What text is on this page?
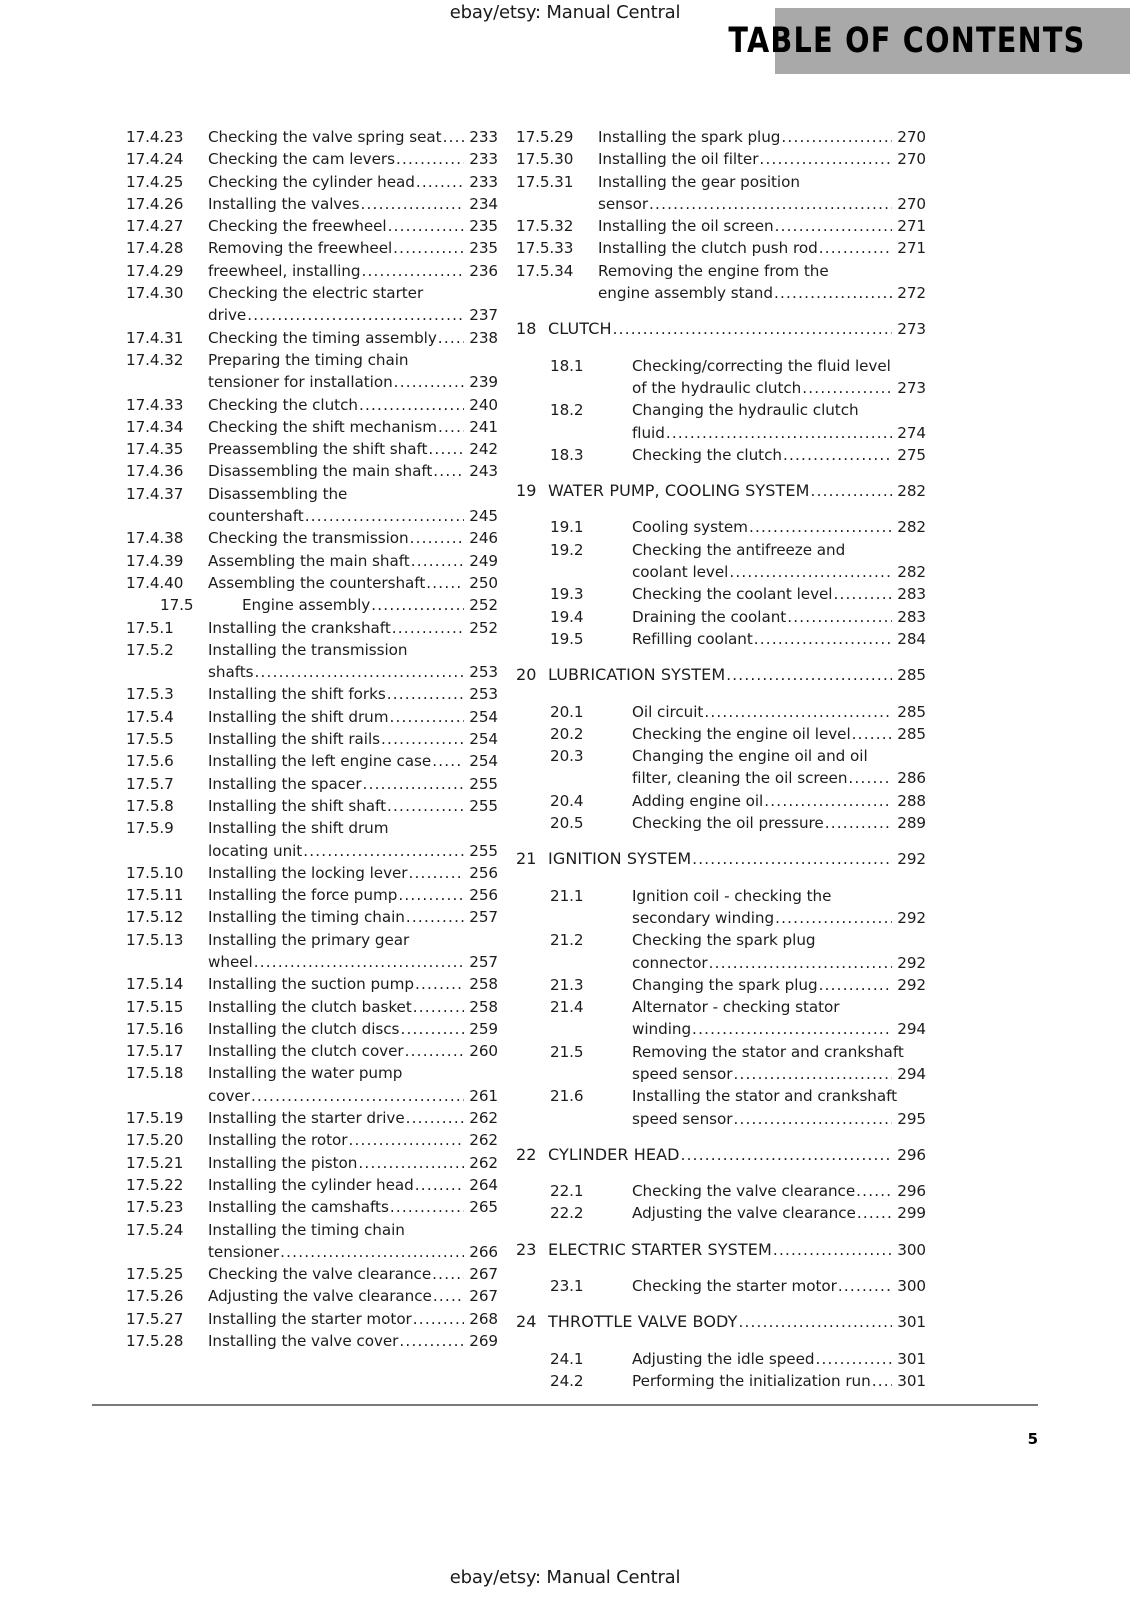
ebay/etsy: Manual Central
TABLE OF CONTENTS
17.4.23	Checking the valve spring seat .....	233
17.4.24	Checking the cam levers .....	233
17.4.25	Checking the cylinder head .....	233
17.4.26	Installing the valves .....	234
17.4.27	Checking the freewheel .....	235
17.4.28	Removing the freewheel .....	235
17.4.29	freewheel, installing .....	236
17.4.30	Checking the electric starter
drive .....	237
17.4.31	Checking the timing assembly .....	238
17.4.32	Preparing the timing chain
tensioner for installation .....	239
17.4.33	Checking the clutch .....	240
17.4.34	Checking the shift mechanism .....	241
17.4.35	Preassembling the shift shaft .....	242
17.4.36	Disassembling the main shaft .....	243
17.4.37	Disassembling the
countershaft .....	245
17.4.38	Checking the transmission .....	246
17.4.39	Assembling the main shaft .....	249
17.4.40	Assembling the countershaft .....	250
17.5	Engine assembly .....	252
17.5.1	Installing the crankshaft .....	252
17.5.2	Installing the transmission
shafts .....	253
17.5.3	Installing the shift forks .....	253
17.5.4	Installing the shift drum .....	254
17.5.5	Installing the shift rails .....	254
17.5.6	Installing the left engine case .....	254
17.5.7	Installing the spacer .....	255
17.5.8	Installing the shift shaft .....	255
17.5.9	Installing the shift drum
locating unit .....	255
17.5.10	Installing the locking lever .....	256
17.5.11	Installing the force pump .....	256
17.5.12	Installing the timing chain .....	257
17.5.13	Installing the primary gear
wheel .....	257
17.5.14	Installing the suction pump .....	258
17.5.15	Installing the clutch basket .....	258
17.5.16	Installing the clutch discs .....	259
17.5.17	Installing the clutch cover .....	260
17.5.18	Installing the water pump
cover .....	261
17.5.19	Installing the starter drive .....	262
17.5.20	Installing the rotor .....	262
17.5.21	Installing the piston .....	262
17.5.22	Installing the cylinder head .....	264
17.5.23	Installing the camshafts .....	265
17.5.24	Installing the timing chain
tensioner .....	266
17.5.25	Checking the valve clearance .....	267
17.5.26	Adjusting the valve clearance .....	267
17.5.27	Installing the starter motor .....	268
17.5.28	Installing the valve cover .....	269
17.5.29	Installing the spark plug .....	270
17.5.30	Installing the oil filter .....	270
17.5.31	Installing the gear position
sensor .....	270
17.5.32	Installing the oil screen .....	271
17.5.33	Installing the clutch push rod .....	271
17.5.34	Removing the engine from the
engine assembly stand .....	272
18 CLUTCH .....	273
18.1	Checking/correcting the fluid level
of the hydraulic clutch .....	273
18.2	Changing the hydraulic clutch
fluid .....	274
18.3	Checking the clutch .....	275
19 WATER PUMP, COOLING SYSTEM .....	282
19.1	Cooling system .....	282
19.2	Checking the antifreeze and
coolant level .....	282
19.3	Checking the coolant level .....	283
19.4	Draining the coolant .....	283
19.5	Refilling coolant .....	284
20 LUBRICATION SYSTEM .....	285
20.1	Oil circuit .....	285
20.2	Checking the engine oil level .....	285
20.3	Changing the engine oil and oil
filter, cleaning the oil screen .....	286
20.4	Adding engine oil .....	288
20.5	Checking the oil pressure .....	289
21 IGNITION SYSTEM .....	292
21.1	Ignition coil - checking the
secondary winding .....	292
21.2	Checking the spark plug
connector .....	292
21.3	Changing the spark plug .....	292
21.4	Alternator - checking stator
winding .....	294
21.5	Removing the stator and crankshaft
speed sensor .....	294
21.6	Installing the stator and crankshaft
speed sensor .....	295
22 CYLINDER HEAD .....	296
22.1	Checking the valve clearance .....	296
22.2	Adjusting the valve clearance .....	299
23 ELECTRIC STARTER SYSTEM .....	300
23.1	Checking the starter motor .....	300
24 THROTTLE VALVE BODY .....	301
24.1	Adjusting the idle speed .....	301
24.2	Performing the initialization run .....	301
5
ebay/etsy: Manual Central
